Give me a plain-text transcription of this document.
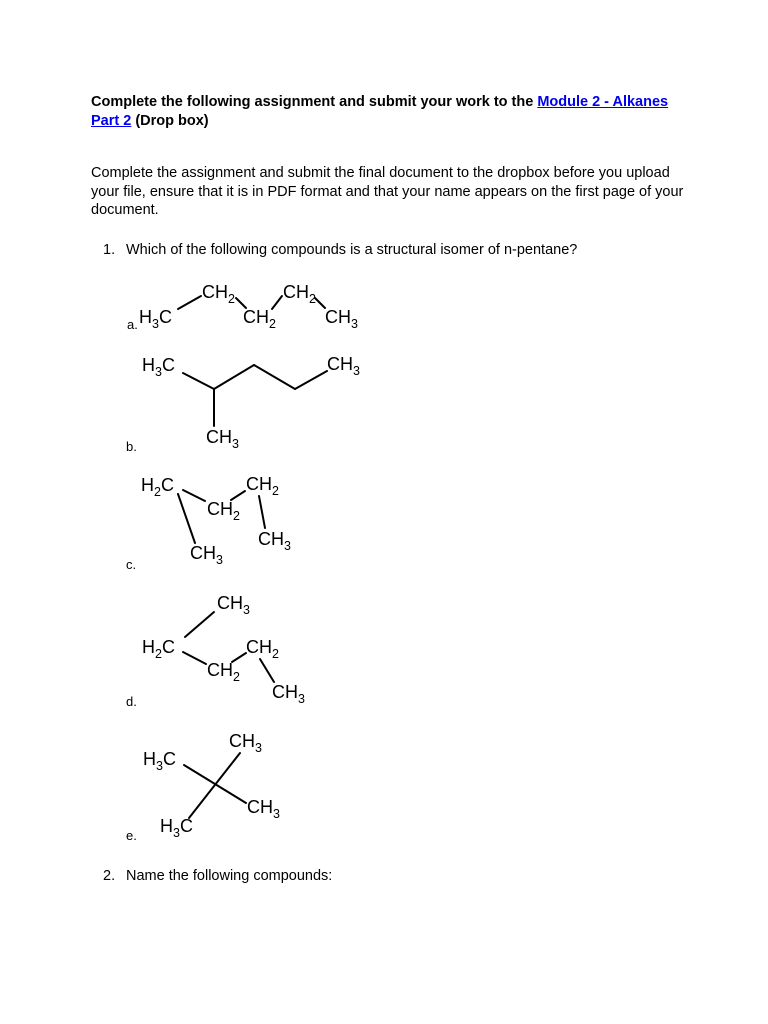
Complete the following assignment and submit your work to the Module 2 - Alkanes Part 2 (Drop box)
Complete the assignment and submit the final document to the dropbox before you upload your file, ensure that it is in PDF format and that your name appears on the first page of your document.
1. Which of the following compounds is a structural isomer of n-pentane?
a.
b.
c.
d.
e.
$H_3C$
$CH_2$
$CH_2$
$CH_2$
$CH_3$
$H_3C$	$CH_3$
$CH_3$
$H_2C$
$CH_2$
$CH_2$
$CH_3$
$CH_3$
$CH_3$
$H_2C$
$CH_2$
$CH_2$
$CH_3$
$CH_3$
$H_3C$
$CH_3$
$H_3C$
2. Name the following compounds:
